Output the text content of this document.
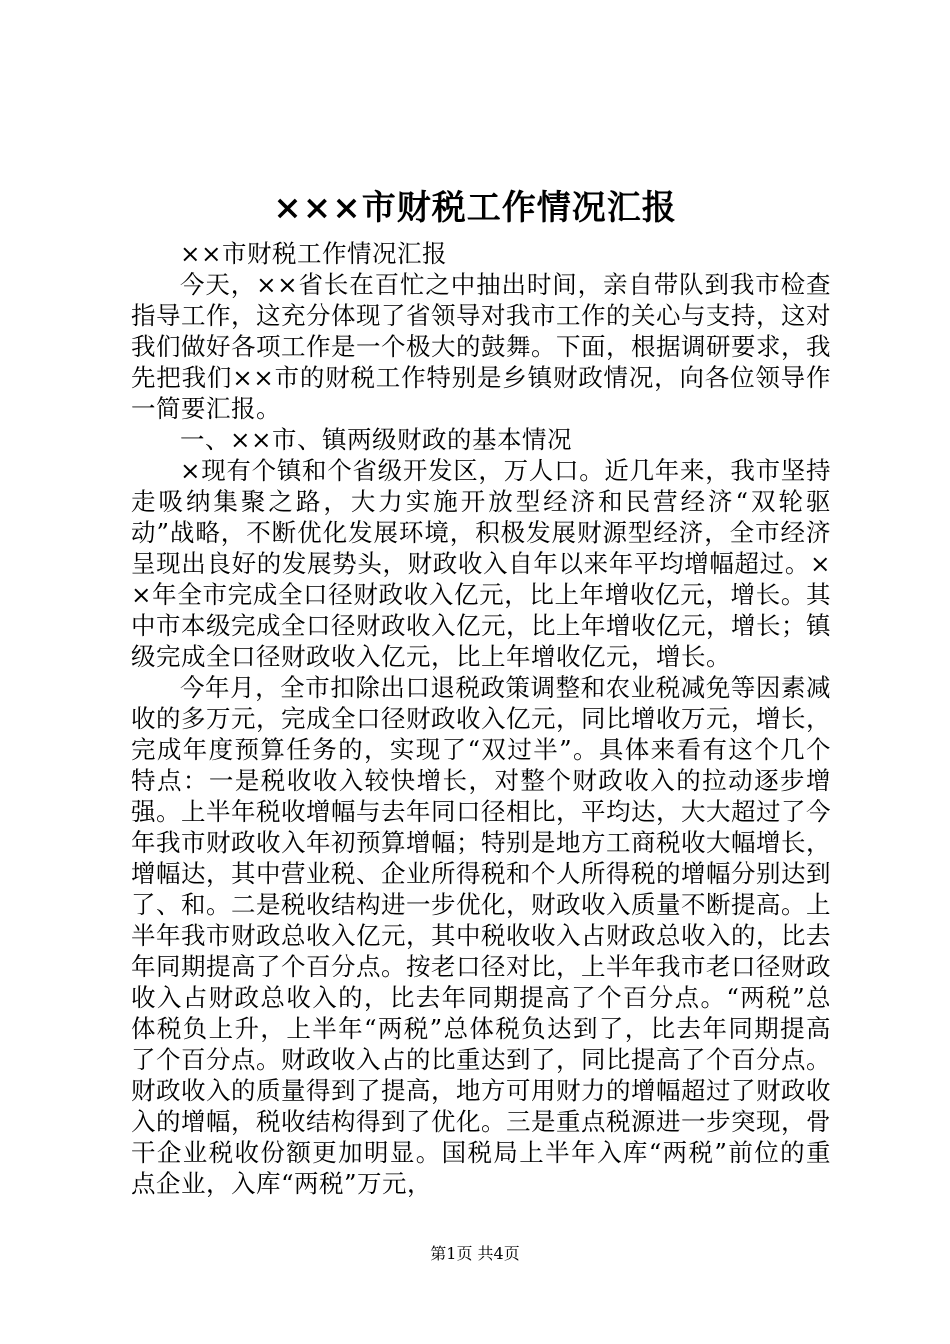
×××市财税工作情况汇报

××市财税工作情况汇报

今天，××省长在百忙之中抽出时间，亲自带队到我市检查指导工作，这充分体现了省领导对我市工作的关心与支持，这对我们做好各项工作是一个极大的鼓舞。下面，根据调研要求，我先把我们××市的财税工作特别是乡镇财政情况，向各位领导作一简要汇报。

一、××市、镇两级财政的基本情况

×现有个镇和个省级开发区，万人口。近几年来，我市坚持走吸纳集聚之路，大力实施开放型经济和民营经济“双轮驱动”战略，不断优化发展环境，积极发展财源型经济，全市经济呈现出良好的发展势头，财政收入自年以来年平均增幅超过。××年全市完成全口径财政收入亿元，比上年增收亿元，增长。其中市本级完成全口径财政收入亿元，比上年增收亿元，增长；镇级完成全口径财政收入亿元，比上年增收亿元，增长。

今年月，全市扣除出口退税政策调整和农业税减免等因素减收的多万元，完成全口径财政收入亿元，同比增收万元，增长，完成年度预算任务的，实现了“双过半”。具体来看有这个几个特点：一是税收收入较快增长，对整个财政收入的拉动逐步增强。上半年税收增幅与去年同口径相比，平均达，大大超过了今年我市财政收入年初预算增幅；特别是地方工商税收大幅增长，增幅达，其中营业税、企业所得税和个人所得税的增幅分别达到了、和。二是税收结构进一步优化，财政收入质量不断提高。上半年我市财政总收入亿元，其中税收收入占财政总收入的，比去年同期提高了个百分点。按老口径对比，上半年我市老口径财政收入占财政总收入的，比去年同期提高了个百分点。“两税”总体税负上升，上半年“两税”总体税负达到了，比去年同期提高了个百分点。财政收入占的比重达到了，同比提高了个百分点。财政收入的质量得到了提高，地方可用财力的增幅超过了财政收入的增幅，税收结构得到了优化。三是重点税源进一步突现，骨干企业税收份额更加明显。国税局上半年入库“两税”前位的重点企业，入库“两税”万元，

第1页 共4页
